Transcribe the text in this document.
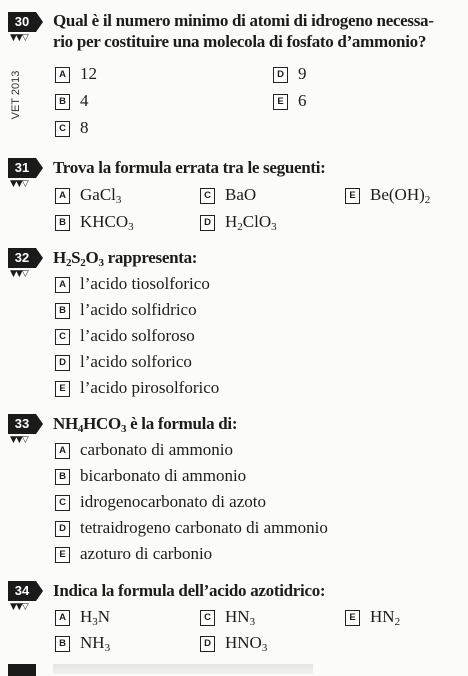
VET 2013
30
▼▼▽
Qual è il numero minimo di atomi di idrogeno necessa-
rio per costituire una molecola di fosfato d’ammonio?
A 12
B 4
C 8
D 9
E 6
31
▼▼▽
Trova la formula errata tra le seguenti:
A GaCl$_3$
B $KHCO_3$
C BaO
D $H_2ClO_3$
E $Be(OH)_2$
32
▼▼▽
$H_2S_2O_3$ rappresenta:
A l’acido tiosolforico
B l’acido solfidrico
C l’acido solforoso
D l’acido solforico
E l’acido pirosolforico
33
▼▼▽
$NH_4HCO_3$ è la formula di:
A carbonato di ammonio
B bicarbonato di ammonio
C idrogenocarbonato di azoto
D tetraidrogeno carbonato di ammonio
E azoturo di carbonio
34
▼▼▽
Indica la formula dell’acido azotidrico:
A $H_3N$
B $NH_3$
C $HN_3$
D $HNO_3$
E $HN_2$
